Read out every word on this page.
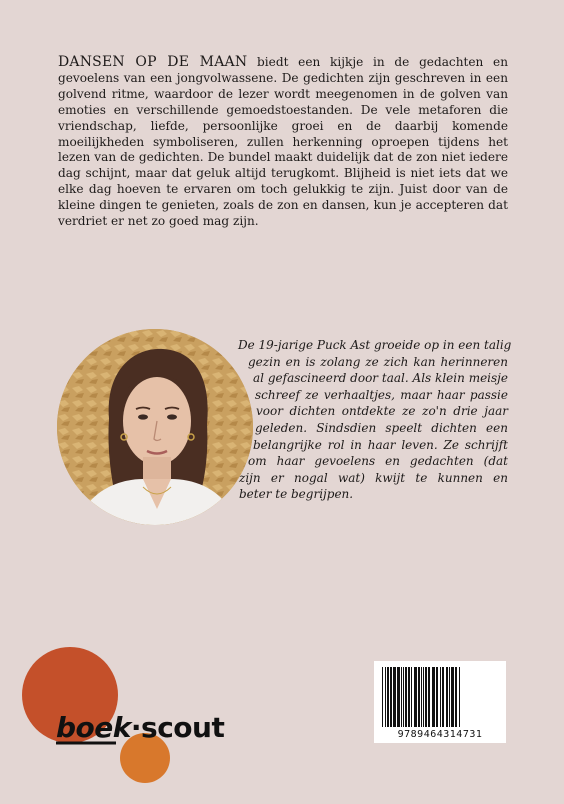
DANSEN OP DE MAAN biedt een kijkje in de gedachten en gevoelens van een jongvolwassene. De gedichten zijn geschreven in een golvend ritme, waardoor de lezer wordt meegenomen in de golven van emoties en verschillende gemoedstoestanden. De vele metaforen die vriendschap, liefde, persoonlijke groei en de daarbij komende moeilijkheden symboliseren, zullen herkenning oproepen tijdens het lezen van de gedichten. De bundel maakt duidelijk dat de zon niet iedere dag schijnt, maar dat geluk altijd terugkomt. Blijheid is niet iets dat we elke dag hoeven te ervaren om toch gelukkig te zijn. Juist door van de kleine dingen te genieten, zoals de zon en dansen, kun je accepteren dat verdriet er net zo goed mag zijn.

De 19-jarige Puck Ast groeide op in een talig
gezin en is zolang ze zich kan herinneren
al gefascineerd door taal. Als klein meisje
schreef ze verhaaltjes, maar haar passie
voor dichten ontdekte ze zo'n drie jaar
geleden. Sindsdien speelt dichten een
belangrijke rol in haar leven. Ze schrijft
om haar gevoelens en gedachten (dat
zijn er nogal wat) kwijt te kunnen en
beter te begrijpen.
boek·scout	9789464314731
